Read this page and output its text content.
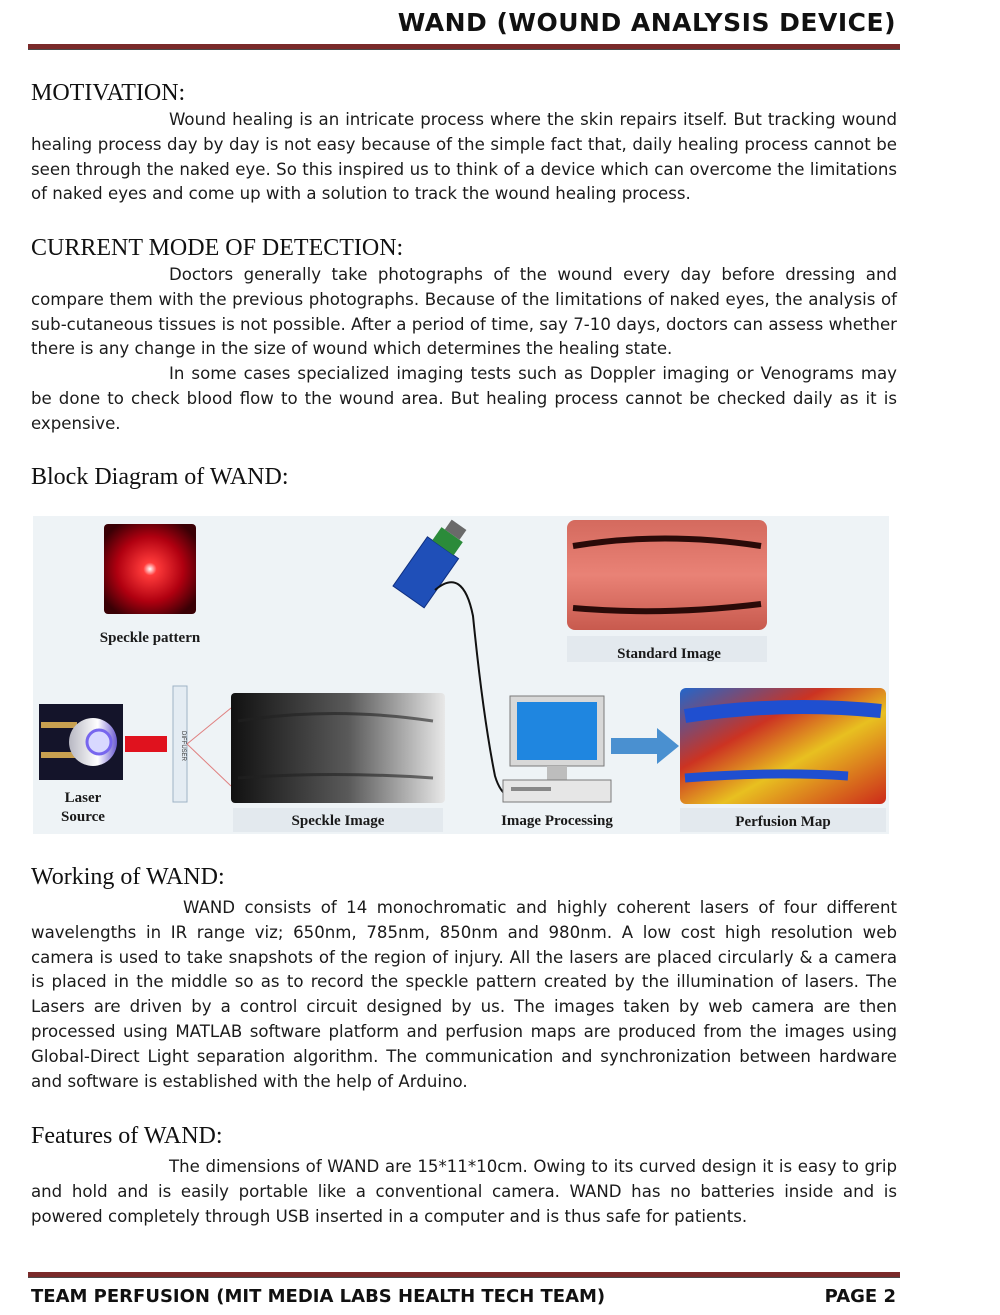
WAND (WOUND ANALYSIS DEVICE)
MOTIVATION:

Wound healing is an intricate process where the skin repairs itself. But tracking wound healing process day by day is not easy because of the simple fact that, daily healing process cannot be seen through the naked eye. So this inspired us to think of a device which can overcome the limitations of naked eyes and come up with a solution to track the wound healing process.

CURRENT MODE OF DETECTION:

Doctors generally take photographs of the wound every day before dressing and compare them with the previous photographs. Because of the limitations of naked eyes, the analysis of sub-cutaneous tissues is not possible. After a period of time, say 7-10 days, doctors can assess whether there is any change in the size of wound which determines the healing state.

In some cases specialized imaging tests such as Doppler imaging or Venograms may be done to check blood flow to the wound area. But healing process cannot be checked daily as it is expensive.

Block Diagram of WAND:
Speckle pattern
Laser
Source
DIFFUSER
Speckle Image	Image Processing
Standard Image
Perfusion Map
Working of WAND:

WAND consists of 14 monochromatic and highly coherent lasers of four different wavelengths in IR range viz; 650nm, 785nm, 850nm and 980nm. A low cost high resolution web camera is used to take snapshots of the region of injury. All the lasers are placed circularly & a camera is placed in the middle so as to record the speckle pattern created by the illumination of lasers. The Lasers are driven by a control circuit designed by us. The images taken by web camera are then processed using MATLAB software platform and perfusion maps are produced from the images using Global-Direct Light separation algorithm. The communication and synchronization between hardware and software is established with the help of Arduino.

Features of WAND:

The dimensions of WAND are 15*11*10cm. Owing to its curved design it is easy to grip and hold and is easily portable like a conventional camera. WAND has no batteries inside and is powered completely through USB inserted in a computer and is thus safe for patients.

TEAM PERFUSION (MIT MEDIA LABS HEALTH TECH TEAM)	PAGE 2
